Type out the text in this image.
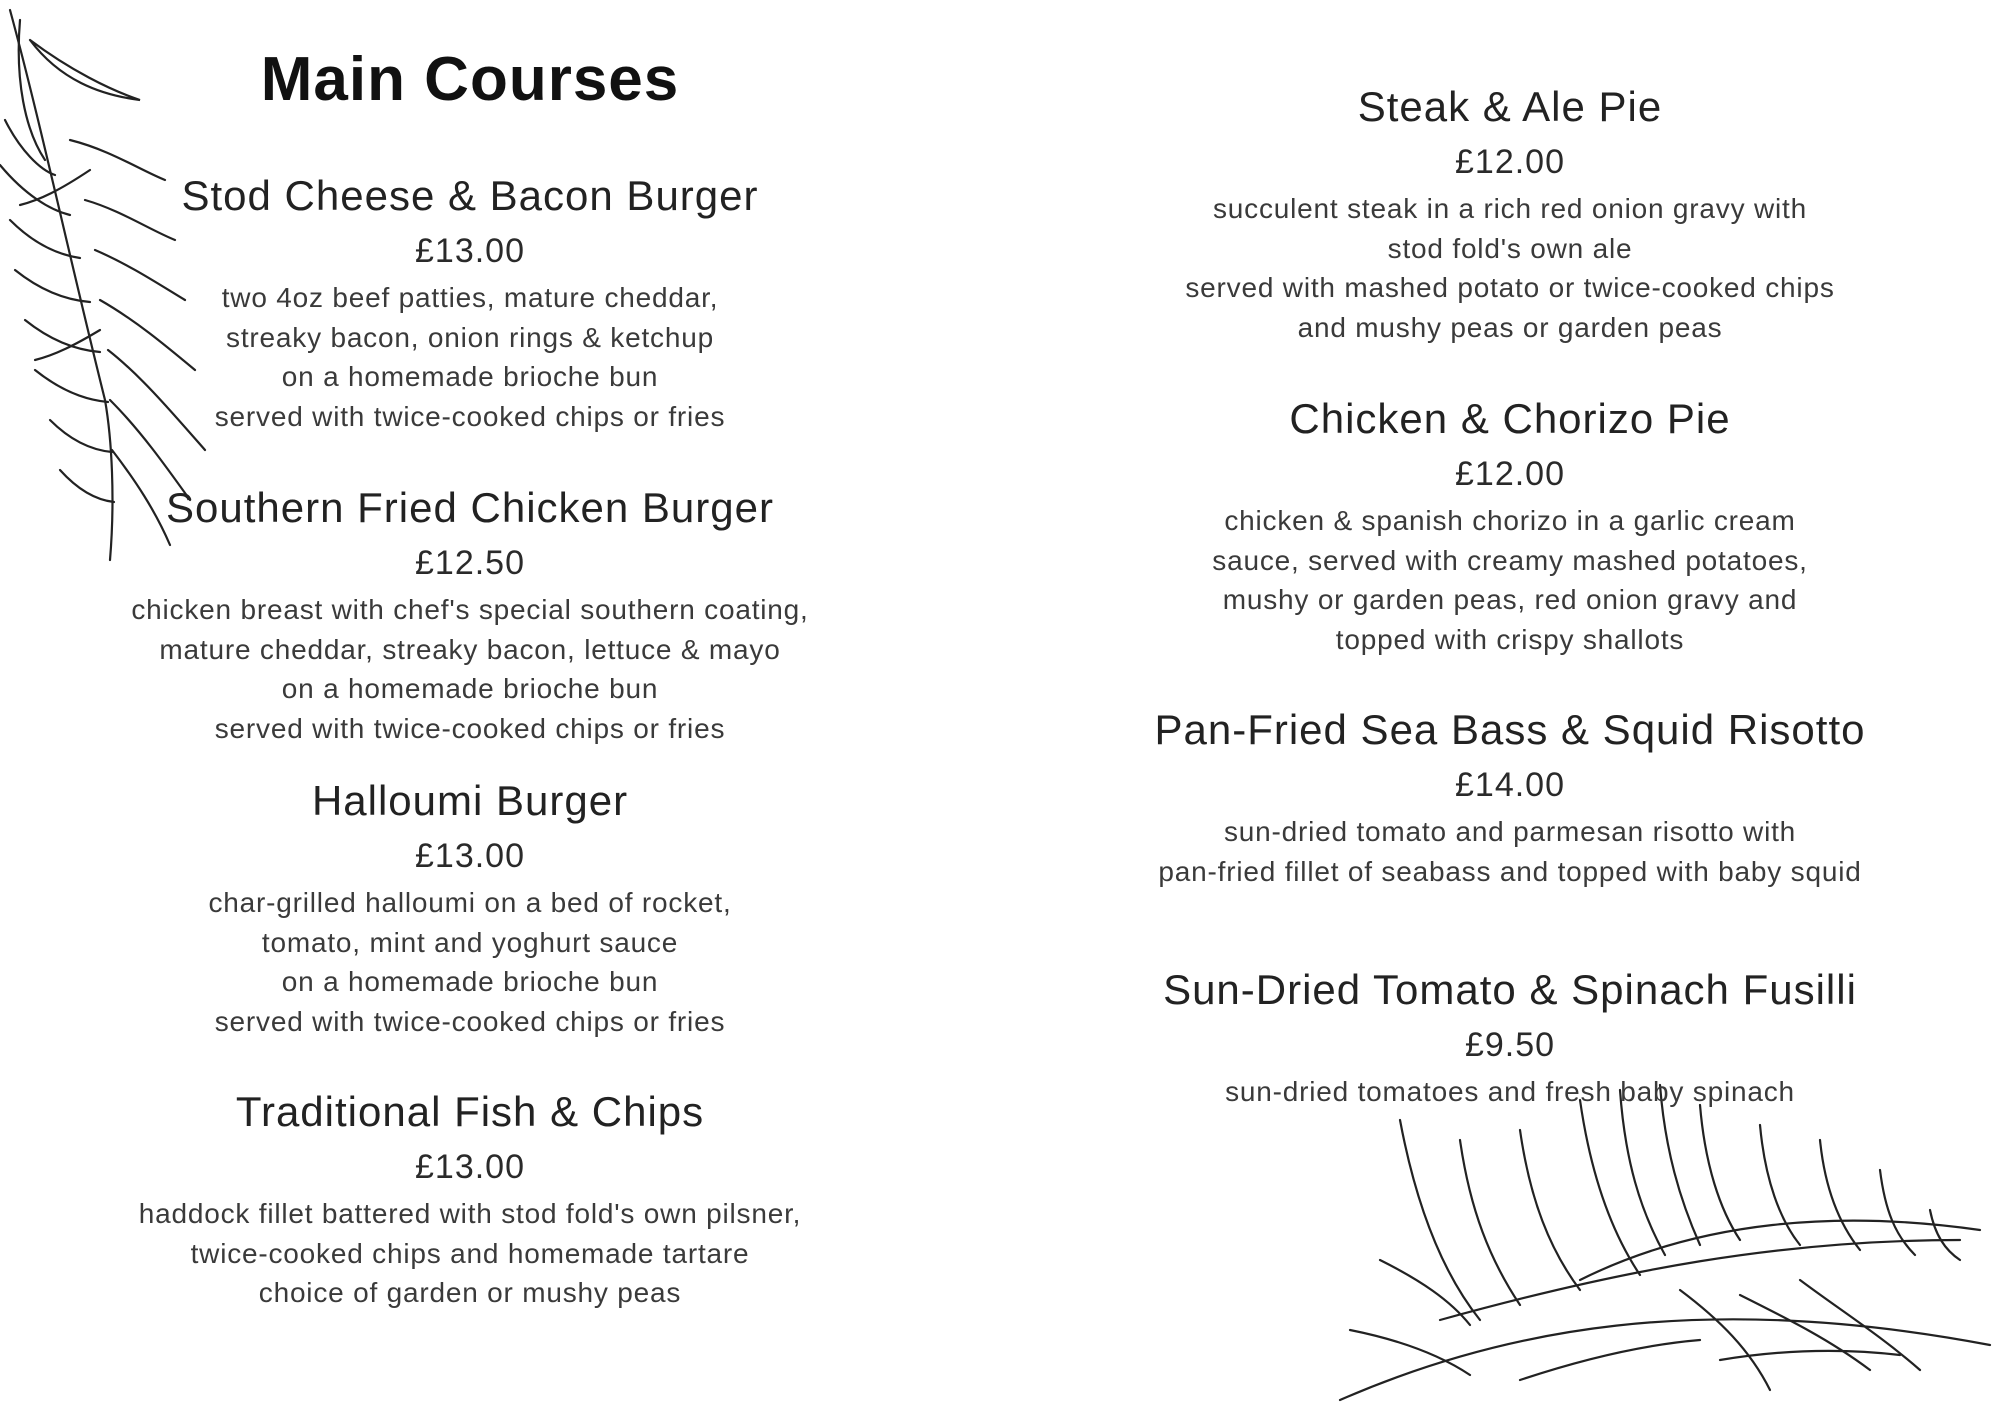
Main Courses
Stod Cheese & Bacon Burger
£13.00
two 4oz beef patties, mature cheddar,
streaky bacon, onion rings & ketchup
on a homemade brioche bun
served with twice-cooked chips or fries
Southern Fried Chicken Burger
£12.50
chicken breast with chef's special southern coating,
mature cheddar, streaky bacon, lettuce & mayo
on a homemade brioche bun
served with twice-cooked chips or fries
Halloumi Burger
£13.00
char-grilled halloumi on a bed of rocket,
tomato, mint and yoghurt sauce
on a homemade brioche bun
served with twice-cooked chips or fries
Traditional Fish & Chips
£13.00
haddock fillet battered with stod fold's own pilsner,
twice-cooked chips and homemade tartare
choice of garden or mushy peas
Steak & Ale Pie
£12.00
succulent steak in a rich red onion gravy with
stod fold's own ale
served with mashed potato or twice-cooked chips
and mushy peas or garden peas
Chicken & Chorizo Pie
£12.00
chicken & spanish chorizo in a garlic cream
sauce, served with creamy mashed potatoes,
mushy or garden peas, red onion gravy and
topped with crispy shallots
Pan-Fried Sea Bass & Squid Risotto
£14.00
sun-dried tomato and parmesan risotto with
pan-fried fillet of seabass and topped with baby squid
Sun-Dried Tomato & Spinach Fusilli
£9.50
sun-dried tomatoes and fresh baby spinach
